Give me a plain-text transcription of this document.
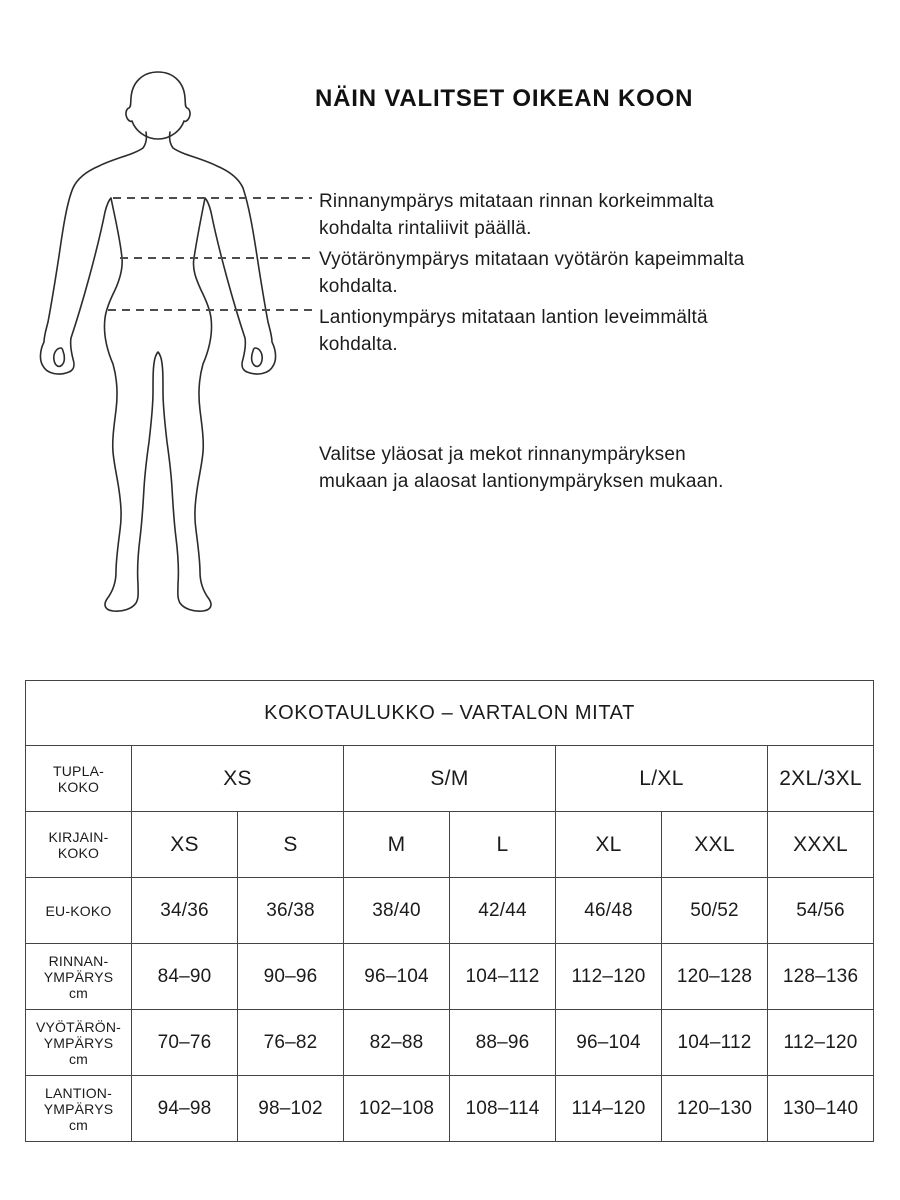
NÄIN VALITSET OIKEAN KOON

Rinnanympärys mitataan rinnan korkeimmalta
kohdalta rintaliivit päällä.

Vyötärönympärys mitataan vyötärön kapeimmalta
kohdalta.

Lantionympärys mitataan lantion leveimmältä
kohdalta.

Valitse yläosat ja mekot rinnanympäryksen
mukaan ja alaosat lantionympäryksen mukaan.

KOKOTAULUKKO – VARTALON MITAT							

TUPLA-
KOKO	XS		S/M		L/XL		2XL/3XL

KIRJAIN-
KOKO	XS	S	M	L	XL	XXL	XXXL

EU-KOKO	34/36	36/38	38/40	42/44	46/48	50/52	54/56

RINNAN-
YMPÄRYS
cm	84–90	90–96	96–104	104–112	112–120	120–128	128–136

VYÖTÄRÖN-
YMPÄRYS
cm	70–76	76–82	82–88	88–96	96–104	104–112	112–120

LANTION-
YMPÄRYS
cm	94–98	98–102	102–108	108–114	114–120	120–130	130–140
